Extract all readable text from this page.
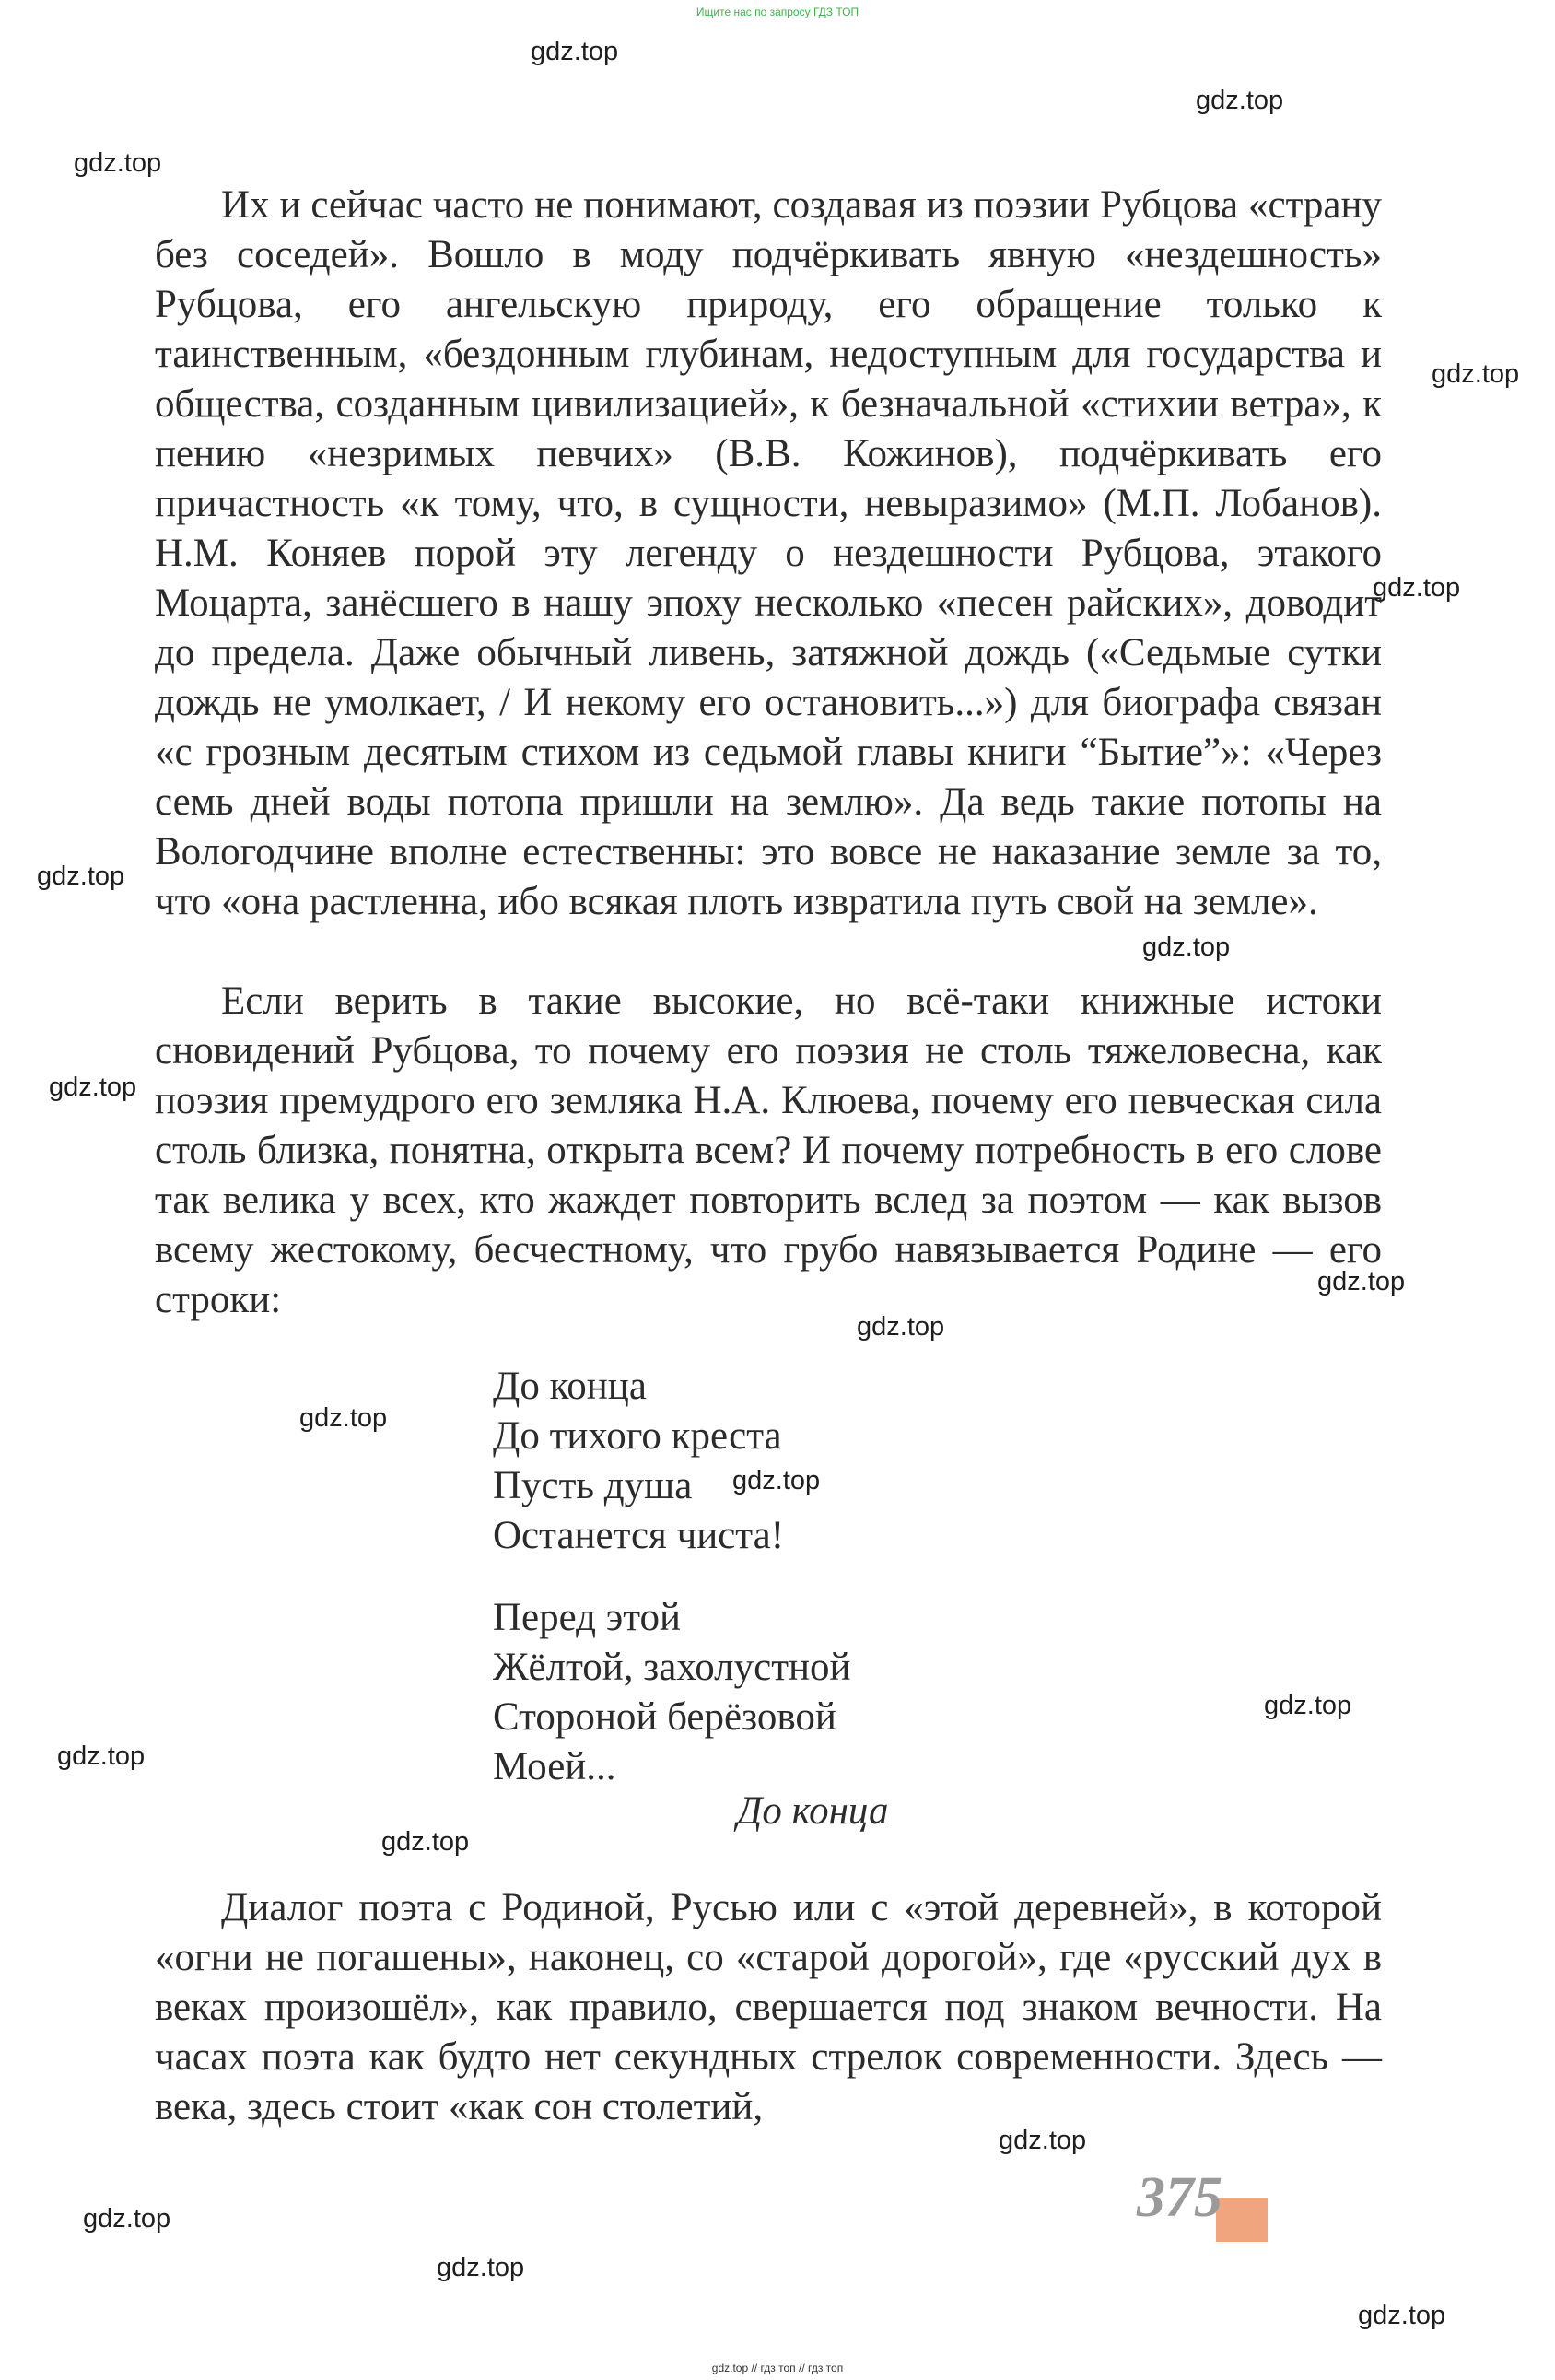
Ищите нас по запросу ГДЗ ТОП

Их и сейчас часто не понимают, создавая из поэзии Рубцова «страну без соседей». Вошло в моду подчёркивать явную «нездешность» Рубцова, его ангельскую природу, его обращение только к таинственным, «бездонным глубинам, недоступным для государства и общества, созданным цивилизацией», к безначальной «стихии ветра», к пению «незримых певчих» (В.В. Кожинов), подчёркивать его причастность «к тому, что, в сущности, невыразимо» (М.П. Лобанов). Н.М. Коняев порой эту легенду о нездешности Рубцова, этакого Моцарта, занёсшего в нашу эпоху несколько «песен райских», доводит до предела. Даже обычный ливень, затяжной дождь («Седьмые сутки дождь не умолкает, / И некому его остановить...») для биографа связан «с грозным десятым стихом из седьмой главы книги “Бытие”»: «Через семь дней воды потопа пришли на землю». Да ведь такие потопы на Вологодчине вполне естественны: это вовсе не наказание земле за то, что «она растленна, ибо всякая плоть извратила путь свой на земле».

Если верить в такие высокие, но всё-таки книжные истоки сновидений Рубцова, то почему его поэзия не столь тяжеловесна, как поэзия премудрого его земляка Н.А. Клюева, почему его певческая сила столь близка, понятна, открыта всем? И почему потребность в его слове так велика у всех, кто жаждет повторить вслед за поэтом — как вызов всему жестокому, бесчестному, что грубо навязывается Родине — его строки:

До конца
До тихого креста
Пусть душа
Останется чиста!
Перед этой
Жёлтой, захолустной
Стороной берёзовой
Моей...
До конца

Диалог поэта с Родиной, Русью или с «этой деревней», в которой «огни не погашены», наконец, со «старой дорогой», где «русский дух в веках произошёл», как правило, свершается под знаком вечности. На часах поэта как будто нет секундных стрелок современности. Здесь — века, здесь стоит «как сон столетий,

375
gdz.top
gdz.top
gdz.top
gdz.top
gdz.top
gdz.top
gdz.top
gdz.top
gdz.top
gdz.top
gdz.top
gdz.top
gdz.top
gdz.top
gdz.top
gdz.top
gdz.top
gdz.top
gdz.top
gdz.top // гдз топ // гдз топ
